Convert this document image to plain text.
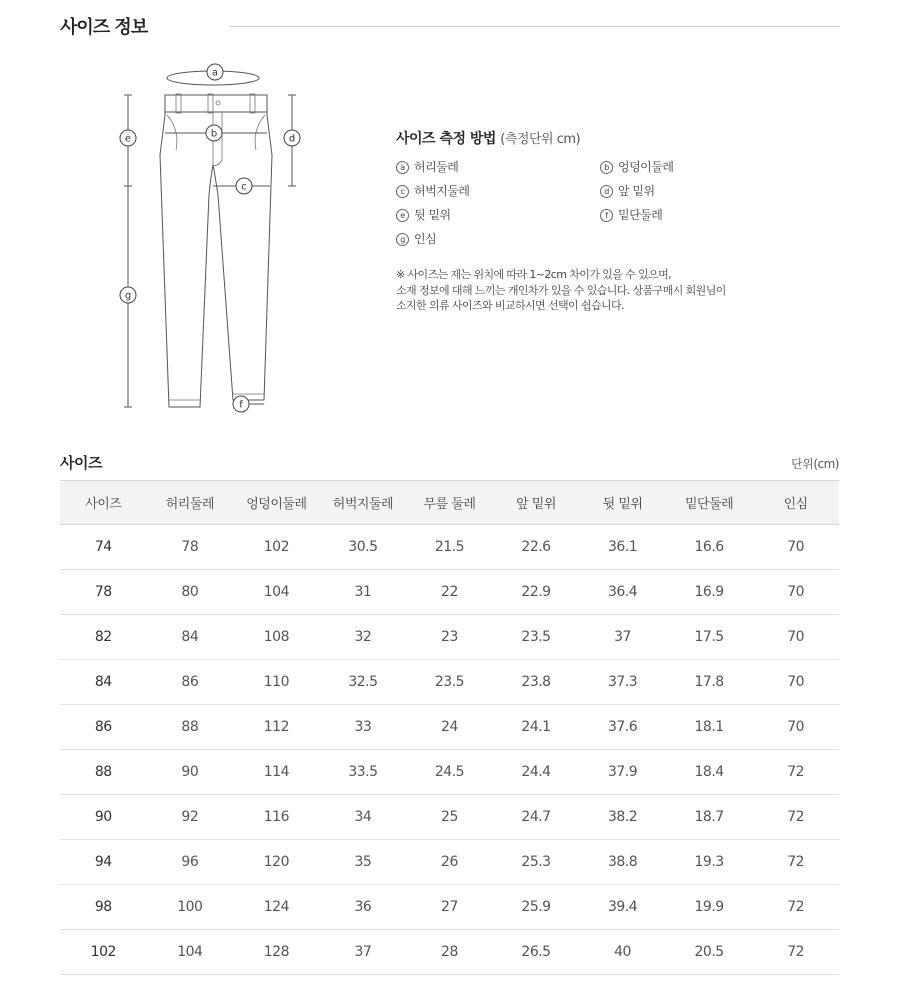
사이즈 정보
a
b
c
d
e
f
g
사이즈 측정 방법 (측정단위 cm)
a 허리둘레	b 엉덩이둘레
c 허벅지둘레	d 앞 밑위
e 뒷 밑위	f 밑단둘레
g 인심
※ 사이즈는 재는 위치에 따라 1~2cm 차이가 있을 수 있으며,
소재 정보에 대해 느끼는 개인차가 있을 수 있습니다. 상품구매시 회원님이
소지한 의류 사이즈와 비교하시면 선택이 쉽습니다.
사이즈	단위(cm)
사이즈	허리둘레	엉덩이둘레	허벅지둘레	무릎 둘레	앞 밑위	뒷 밑위	밑단둘레	인심
74	78	102	30.5	21.5	22.6	36.1	16.6	70
78	80	104	31	22	22.9	36.4	16.9	70
82	84	108	32	23	23.5	37	17.5	70
84	86	110	32.5	23.5	23.8	37.3	17.8	70
86	88	112	33	24	24.1	37.6	18.1	70
88	90	114	33.5	24.5	24.4	37.9	18.4	72
90	92	116	34	25	24.7	38.2	18.7	72
94	96	120	35	26	25.3	38.8	19.3	72
98	100	124	36	27	25.9	39.4	19.9	72
102	104	128	37	28	26.5	40	20.5	72
